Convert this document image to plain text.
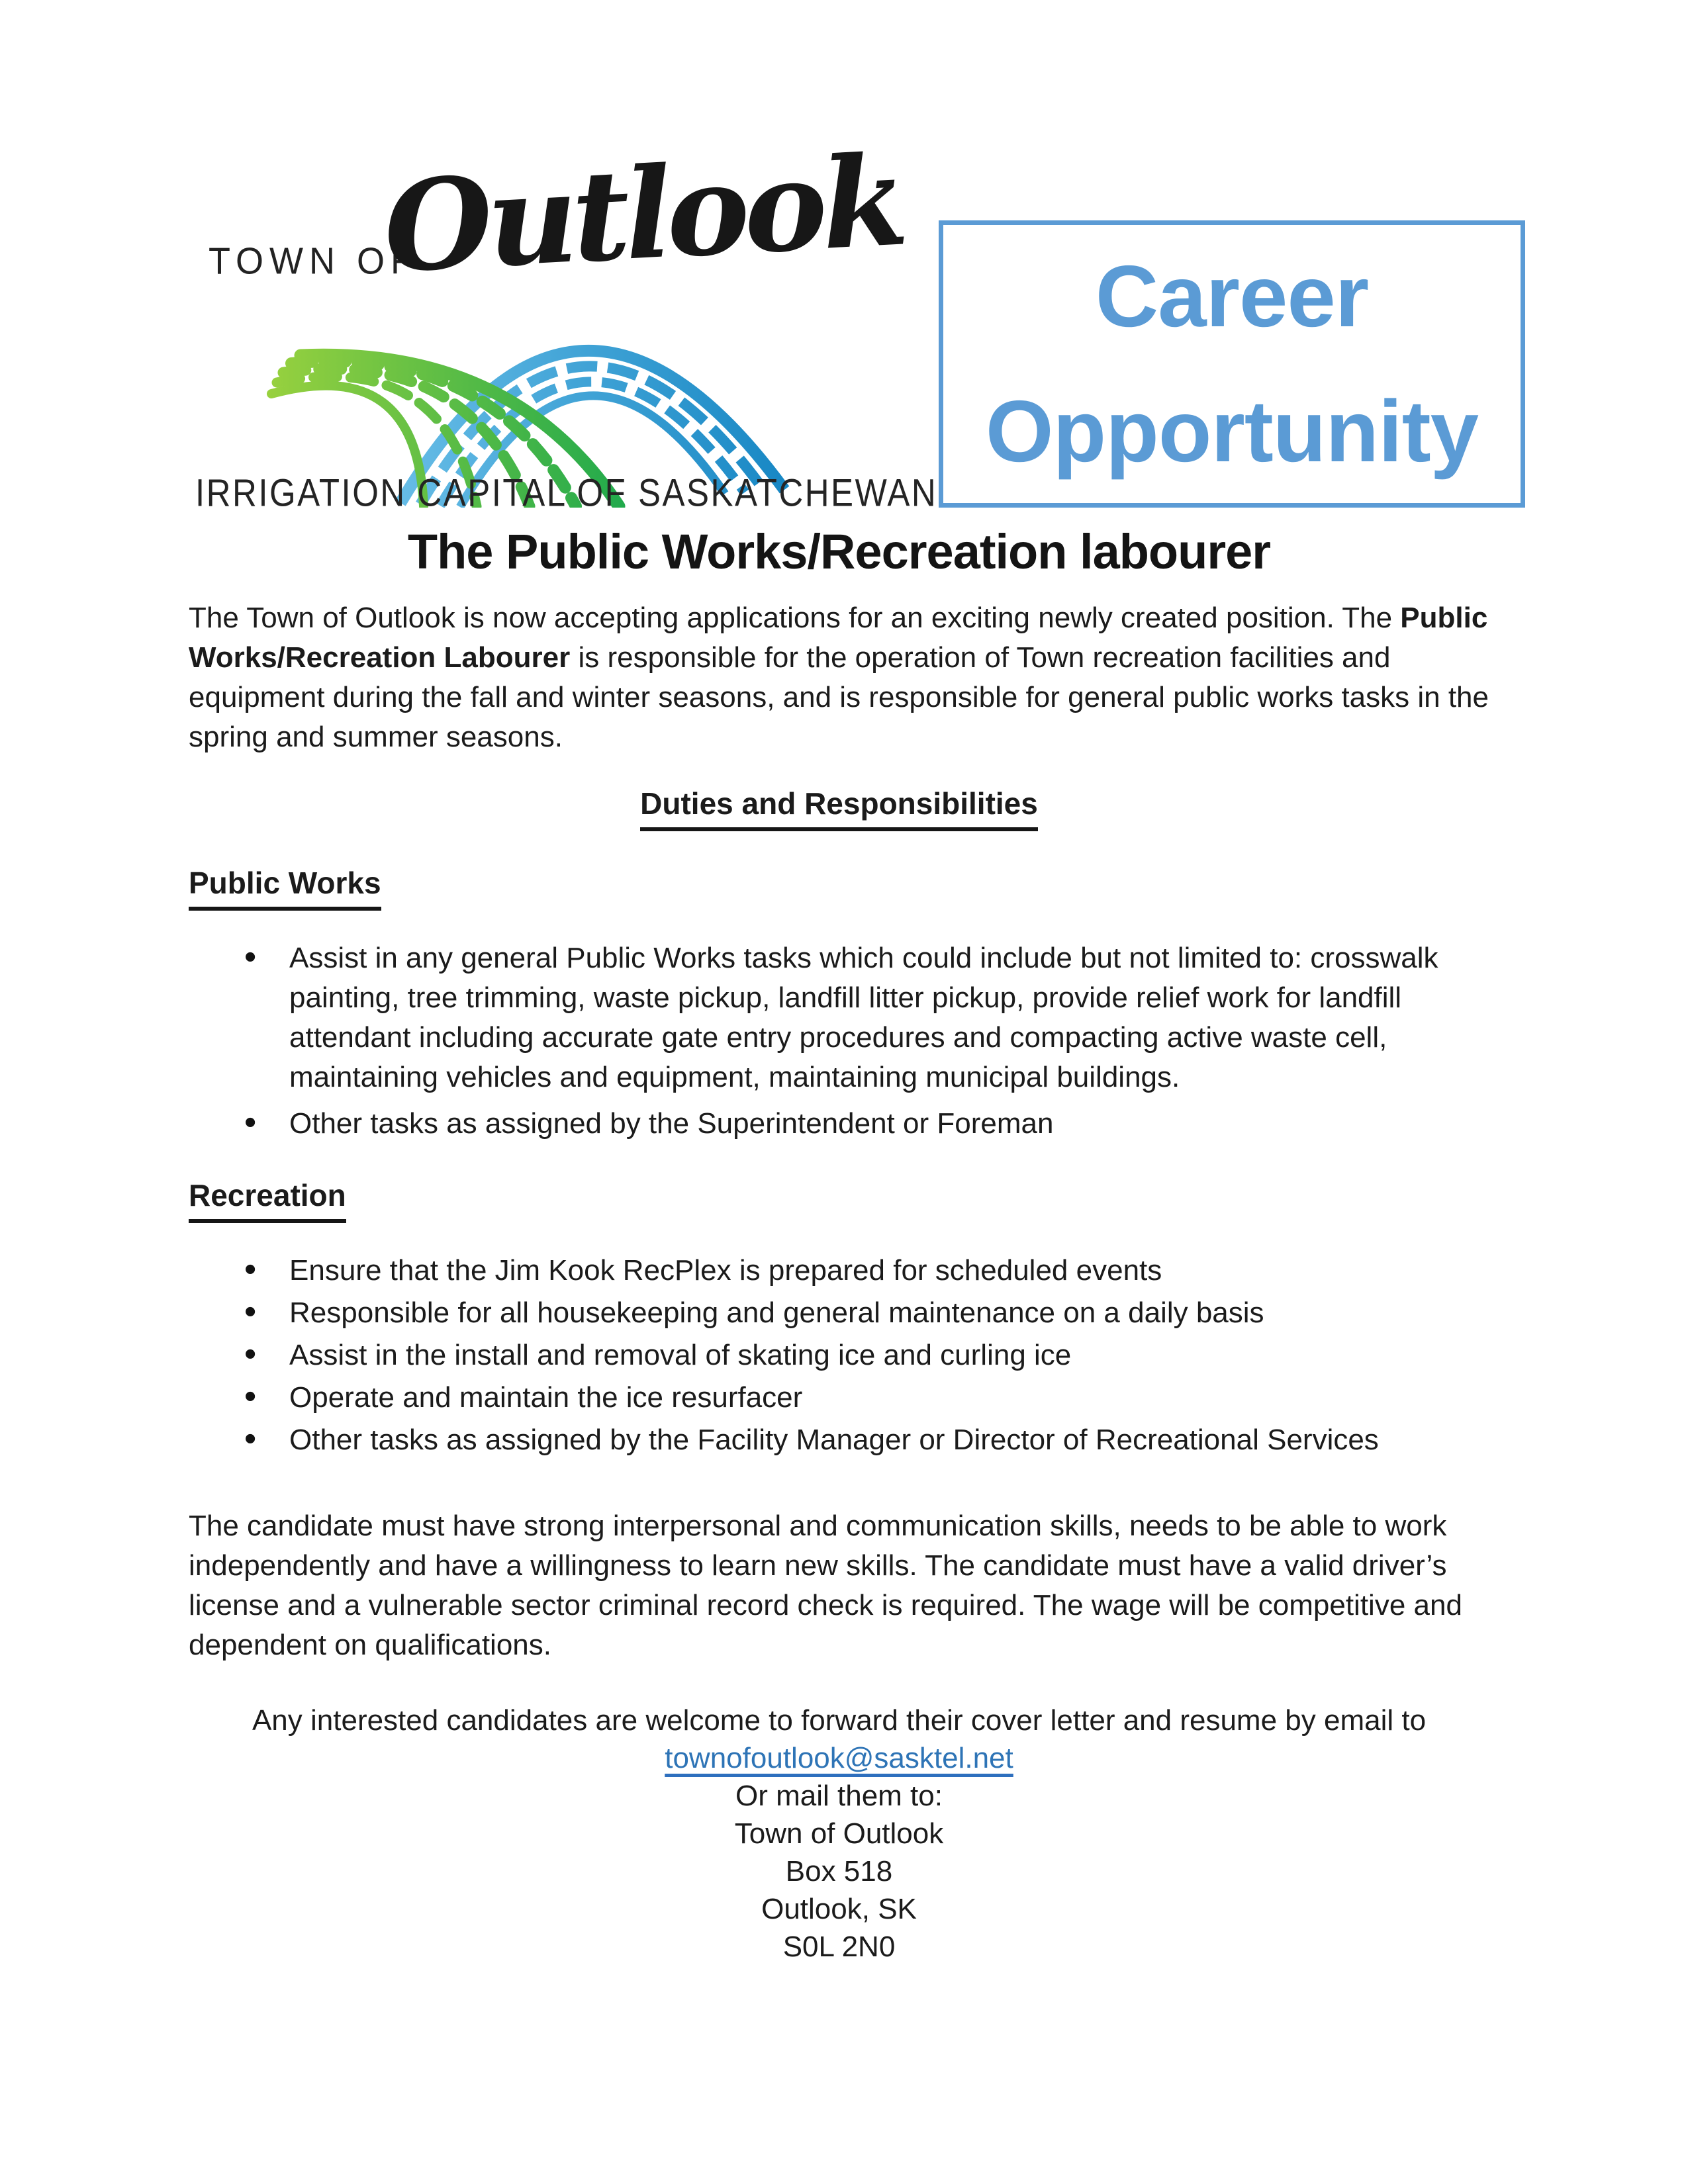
TOWN OF
Outlook
IRRIGATION CAPITAL OF SASKATCHEWAN
Career
Opportunity
The Public Works/Recreation labourer

The Town of Outlook is now accepting applications for an exciting newly created position. The Public Works/Recreation Labourer is responsible for the operation of Town recreation facilities and equipment during the fall and winter seasons, and is responsible for general public works tasks in the spring and summer seasons.

Duties and Responsibilities
Public Works
• Assist in any general Public Works tasks which could include but not limited to: crosswalk painting, tree trimming, waste pickup, landfill litter pickup, provide relief work for landfill attendant including accurate gate entry procedures and compacting active waste cell, maintaining vehicles and equipment, maintaining municipal buildings.
• Other tasks as assigned by the Superintendent or Foreman
Recreation
• Ensure that the Jim Kook RecPlex is prepared for scheduled events
• Responsible for all housekeeping and general maintenance on a daily basis
• Assist in the install and removal of skating ice and curling ice
• Operate and maintain the ice resurfacer
• Other tasks as assigned by the Facility Manager or Director of Recreational Services

The candidate must have strong interpersonal and communication skills, needs to be able to work independently and have a willingness to learn new skills. The candidate must have a valid driver’s license and a vulnerable sector criminal record check is required. The wage will be competitive and dependent on qualifications.

Any interested candidates are welcome to forward their cover letter and resume by email to

townofoutlook@sasktel.net

Or mail them to:

Town of Outlook

Box 518

Outlook, SK

S0L 2N0
